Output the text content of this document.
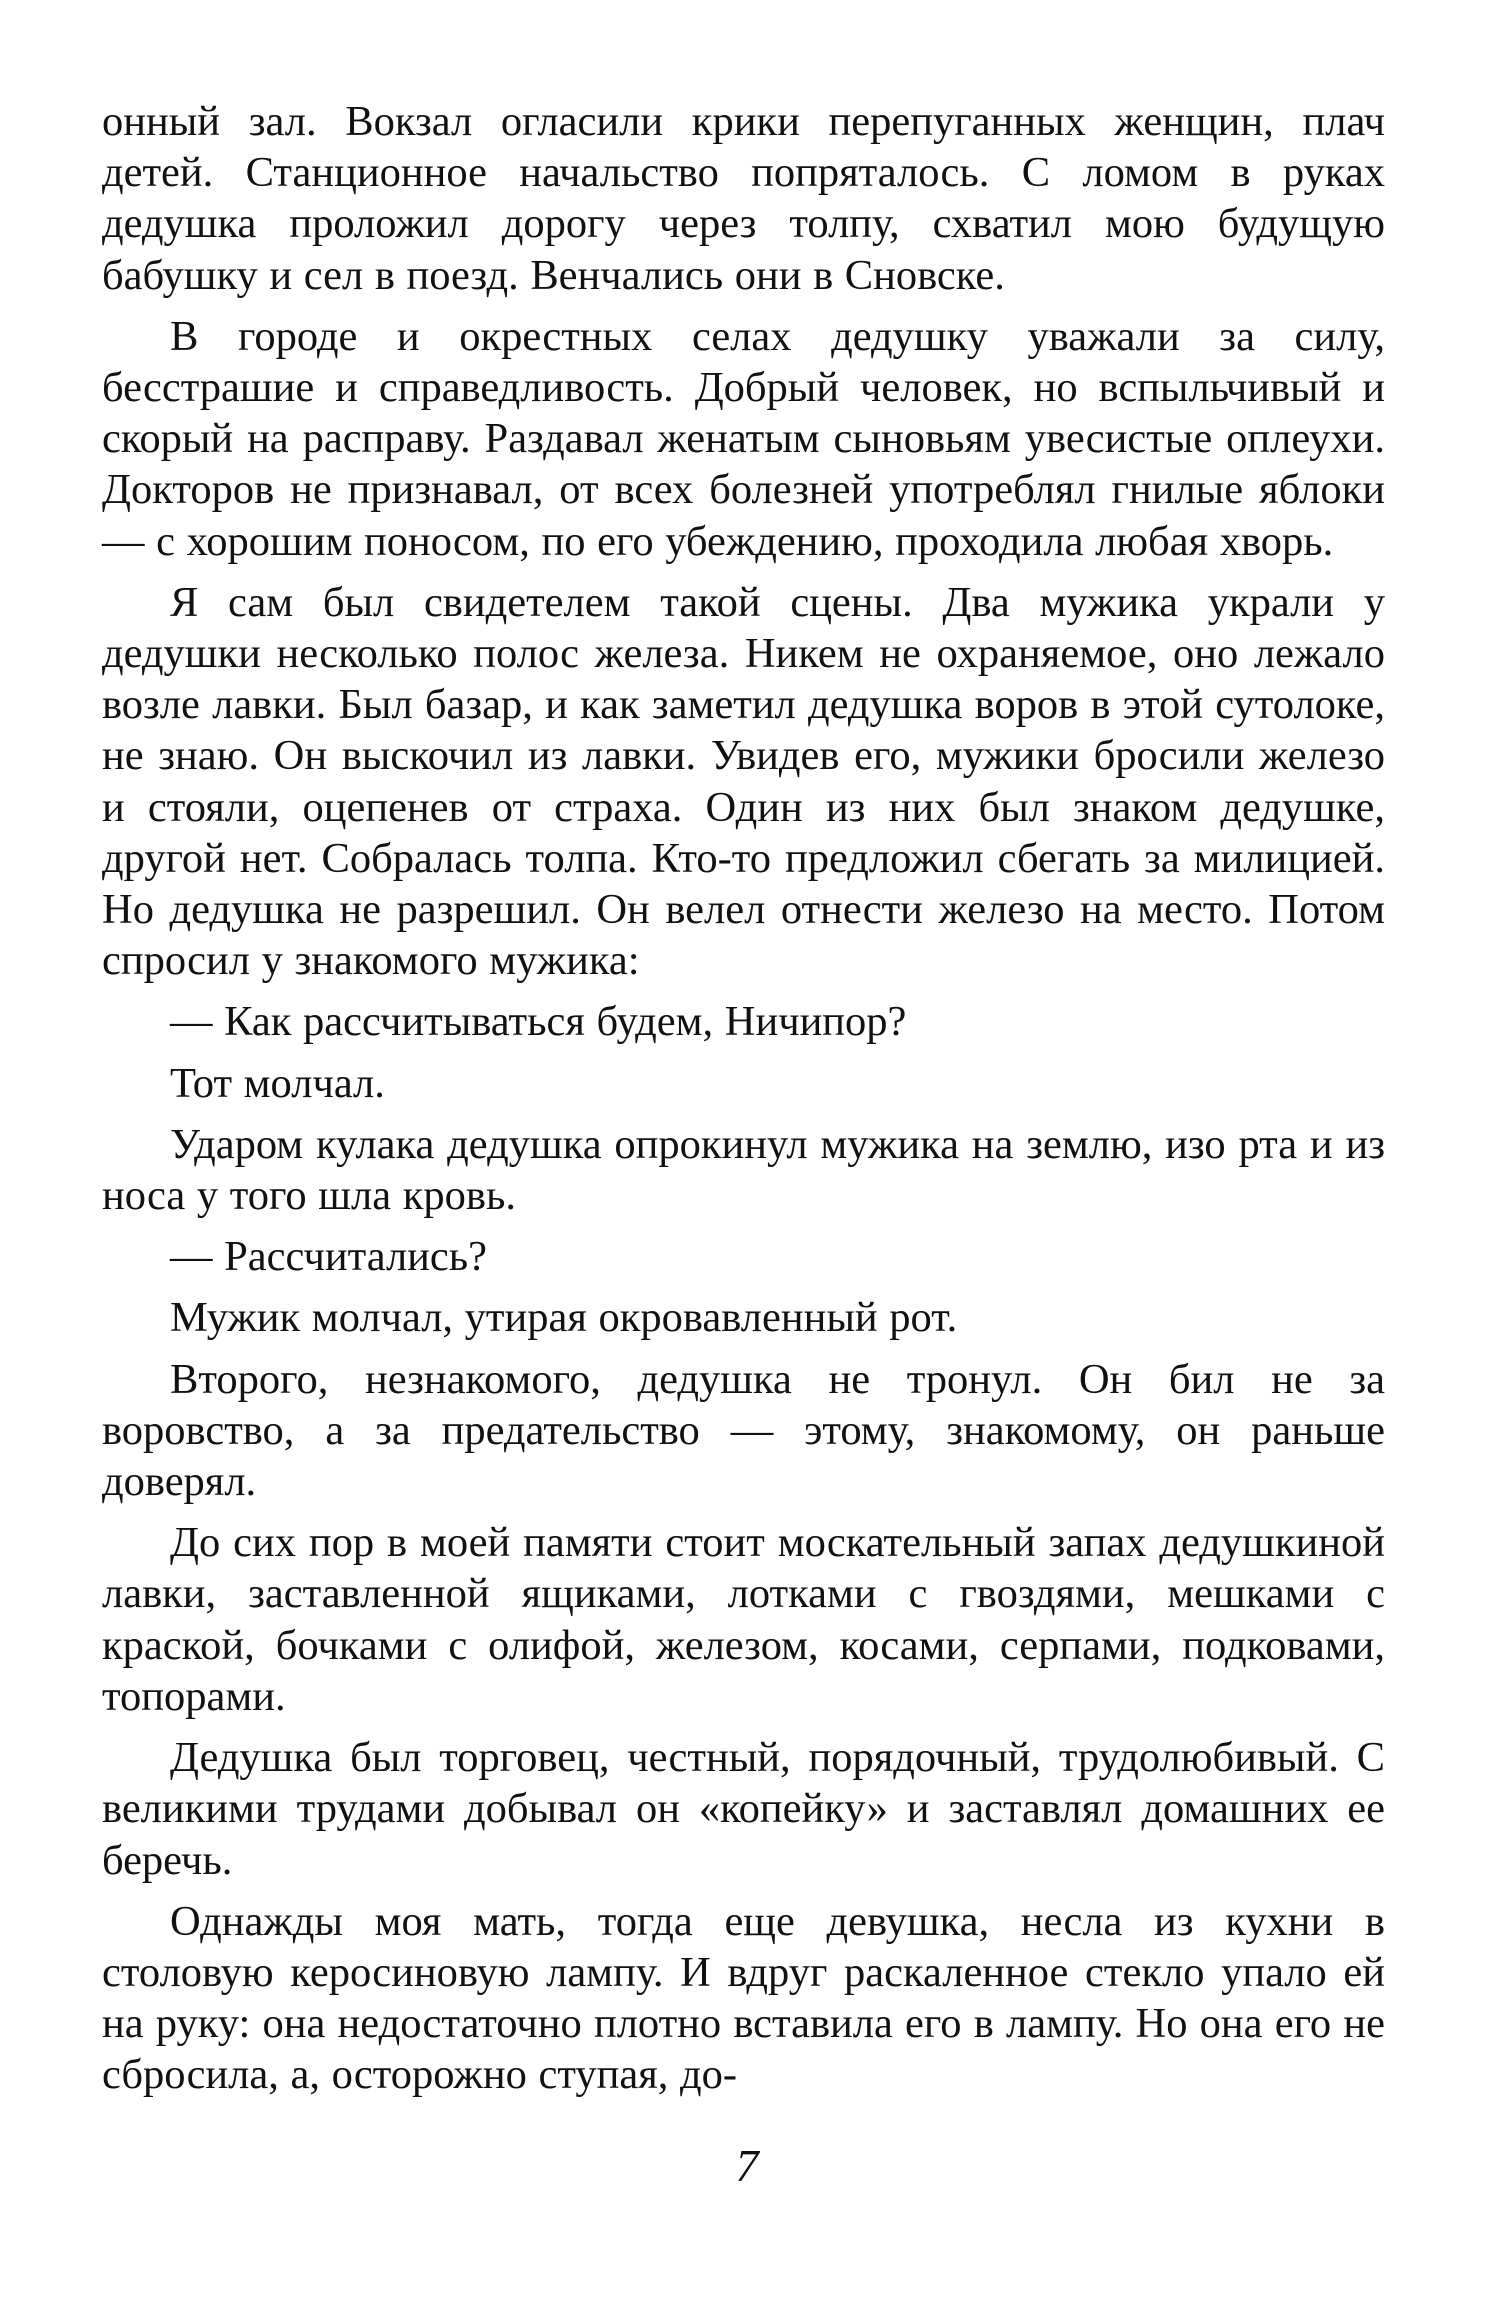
онный зал. Вокзал огласили крики перепуганных женщин, плач детей. Станционное начальство попряталось. С ломом в руках дедушка проложил дорогу через толпу, схватил мою будущую бабушку и сел в поезд. Венчались они в Сновске.

В городе и окрестных селах дедушку уважали за силу, бесстрашие и справедливость. Добрый человек, но вспыльчивый и скорый на расправу. Раздавал женатым сыновьям увесистые оплеухи. Докторов не признавал, от всех болезней употреблял гнилые яблоки — с хорошим поносом, по его убеждению, проходила любая хворь.

Я сам был свидетелем такой сцены. Два мужика украли у дедушки несколько полос железа. Никем не охраняемое, оно лежало возле лавки. Был базар, и как заметил дедушка воров в этой сутолоке, не знаю. Он выскочил из лавки. Увидев его, мужики бросили железо и стояли, оцепенев от страха. Один из них был знаком дедушке, другой нет. Собралась толпа. Кто-то предложил сбегать за милицией. Но дедушка не разрешил. Он велел отнести железо на место. Потом спросил у знакомого мужика:

— Как рассчитываться будем, Ничипор?

Тот молчал.

Ударом кулака дедушка опрокинул мужика на землю, изо рта и из носа у того шла кровь.

— Рассчитались?

Мужик молчал, утирая окровавленный рот.

Второго, незнакомого, дедушка не тронул. Он бил не за воровство, а за предательство — этому, знакомому, он раньше доверял.

До сих пор в моей памяти стоит москательный запах дедушкиной лавки, заставленной ящиками, лотками с гвоздями, мешками с краской, бочками с олифой, железом, косами, серпами, подковами, топорами.

Дедушка был торговец, честный, порядочный, трудолюбивый. С великими трудами добывал он «копейку» и заставлял домашних ее беречь.

Однажды моя мать, тогда еще девушка, несла из кухни в столовую керосиновую лампу. И вдруг раскаленное стекло упало ей на руку: она недостаточно плотно вставила его в лампу. Но она его не сбросила, а, осторожно ступая, до-

7
